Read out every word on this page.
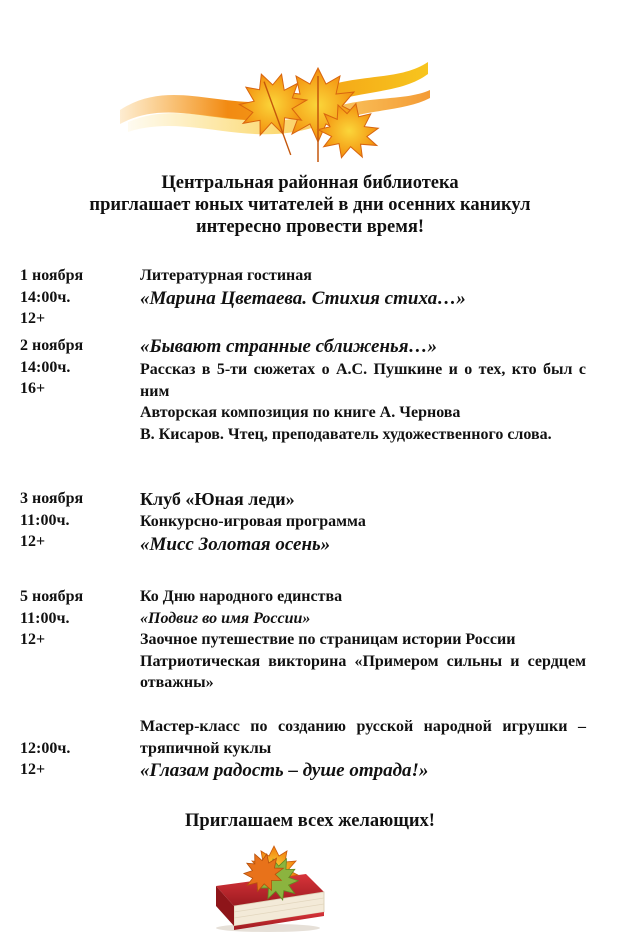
Центральная районная библиотека
приглашает юных читателей в дни осенних каникул
интересно провести время!
1 ноября
14:00ч.
12+
Литературная гостиная
«Марина Цветаева. Стихия стиха…»
2 ноября
14:00ч.
16+
«Бывают странные сближенья…»
Рассказ в 5-ти сюжетах о А.С. Пушкине и о тех, кто был с ним
Авторская композиция по книге А. Чернова
В. Кисаров. Чтец, преподаватель художественного слова.
3 ноября
11:00ч.
12+
Клуб «Юная леди»
Конкурсно-игровая программа
«Мисс Золотая осень»
5 ноября
11:00ч.
12+
Ко Дню народного единства
«Подвиг во имя России»
Заочное путешествие по страницам истории России
Патриотическая викторина «Примером сильны и сердцем отважны»
12:00ч.
12+
Мастер-класс по созданию русской народной игрушки – тряпичной куклы
«Глазам радость – душе отрада!»
Приглашаем всех желающих!
